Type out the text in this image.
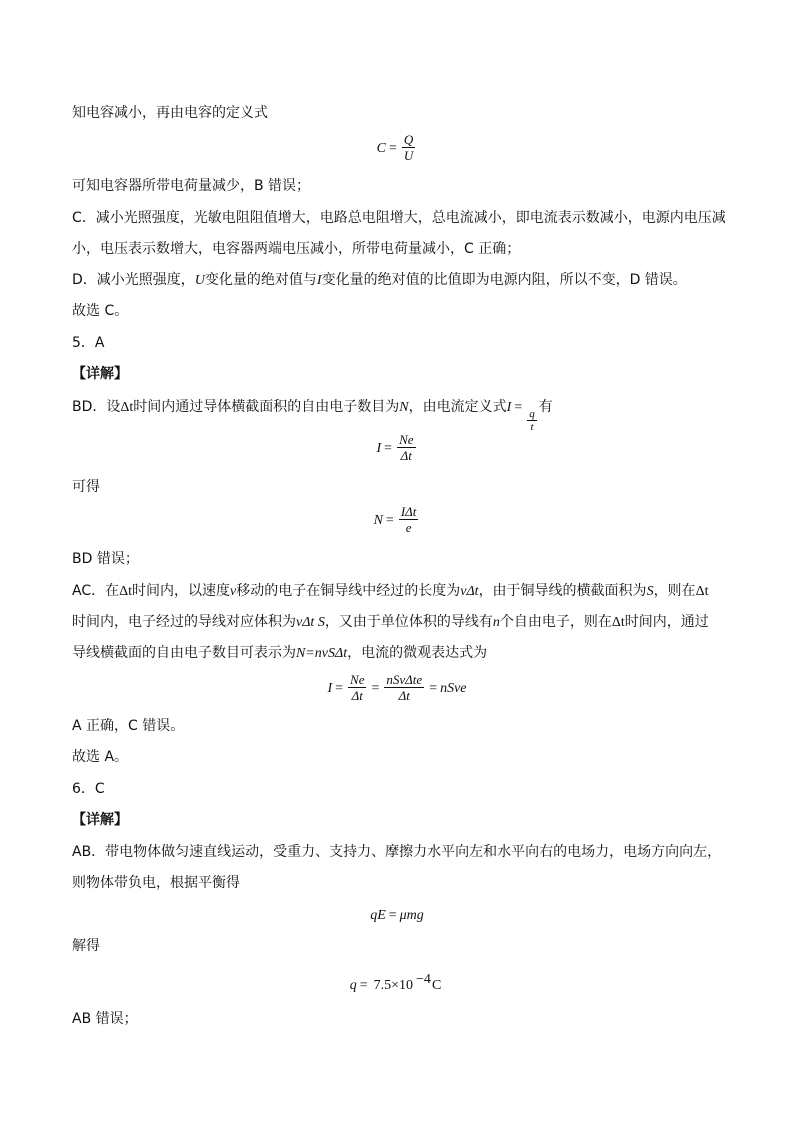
知电容减小，再由电容的定义式
$C = \frac{Q}{U}$
可知电容器所带电荷量减少，B 错误；
C．减小光照强度，光敏电阻阻值增大，电路总电阻增大，总电流减小，即电流表示数减小，电源内电压减
小，电压表示数增大，电容器两端电压减小，所带电荷量减小，C 正确；
D．减小光照强度，U变化量的绝对值与I变化量的绝对值的比值即为电源内阻，所以不变，D 错误。
故选 C。
5．A
【详解】
BD．设Δt时间内通过导体横截面积的自由电子数目为N，由电流定义式I =
$\frac{q}{t}$
有
$I = \frac{Ne}{\Delta t}$
可得
$N = \frac{\text{IΔt}}{e}$
BD 错误；
AC．在Δt时间内，以速度v移动的电子在铜导线中经过的长度为vΔt，由于铜导线的横截面积为S，则在Δt
时间内，电子经过的导线对应体积为vΔt S，又由于单位体积的导线有n个自由电子，则在Δt时间内，通过
导线横截面的自由电子数目可表示为N=nvSΔt，电流的微观表达式为
$I = \frac{Ne}{\Delta t} = \frac{\text{nSvΔte}}{\Delta t}$ = nSve
A 正确，C 错误。
故选 A。
6．C
【详解】
AB．带电物体做匀速直线运动，受重力、支持力、摩擦力水平向左和水平向右的电场力，电场方向向左，
则物体带负电，根据平衡得
qE = μmg
解得
q = 7.5×10 $^{-4}$C
AB 错误；
